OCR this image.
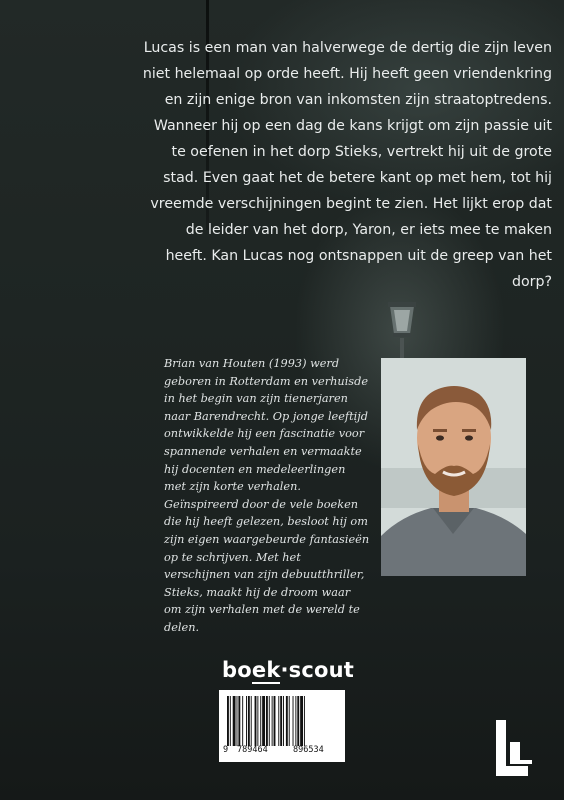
Lucas is een man van halverwege de dertig die zijn leven niet helemaal op orde heeft. Hij heeft geen vriendenkring en zijn enige bron van inkomsten zijn straatoptredens. Wanneer hij op een dag de kans krijgt om zijn passie uit te oefenen in het dorp Stieks, vertrekt hij uit de grote stad. Even gaat het de betere kant op met hem, tot hij vreemde verschijningen begint te zien. Het lijkt erop dat de leider van het dorp, Yaron, er iets mee te maken heeft. Kan Lucas nog ontsnappen uit de greep van het dorp?

Brian van Houten (1993) werd geboren in Rotterdam en verhuisde in het begin van zijn tienerjaren naar Barendrecht. Op jonge leeftijd ontwikkelde hij een fascinatie voor spannende verhalen en vermaakte hij docenten en medeleerlingen met zijn korte verhalen. Geïnspireerd door de vele boeken die hij heeft gelezen, besloot hij om zijn eigen waargebeurde fantasieën op te schrijven. Met het verschijnen van zijn debuutthriller, Stieks, maakt hij de droom waar om zijn verhalen met de wereld te delen.

boek·scout
9 789464	896534
